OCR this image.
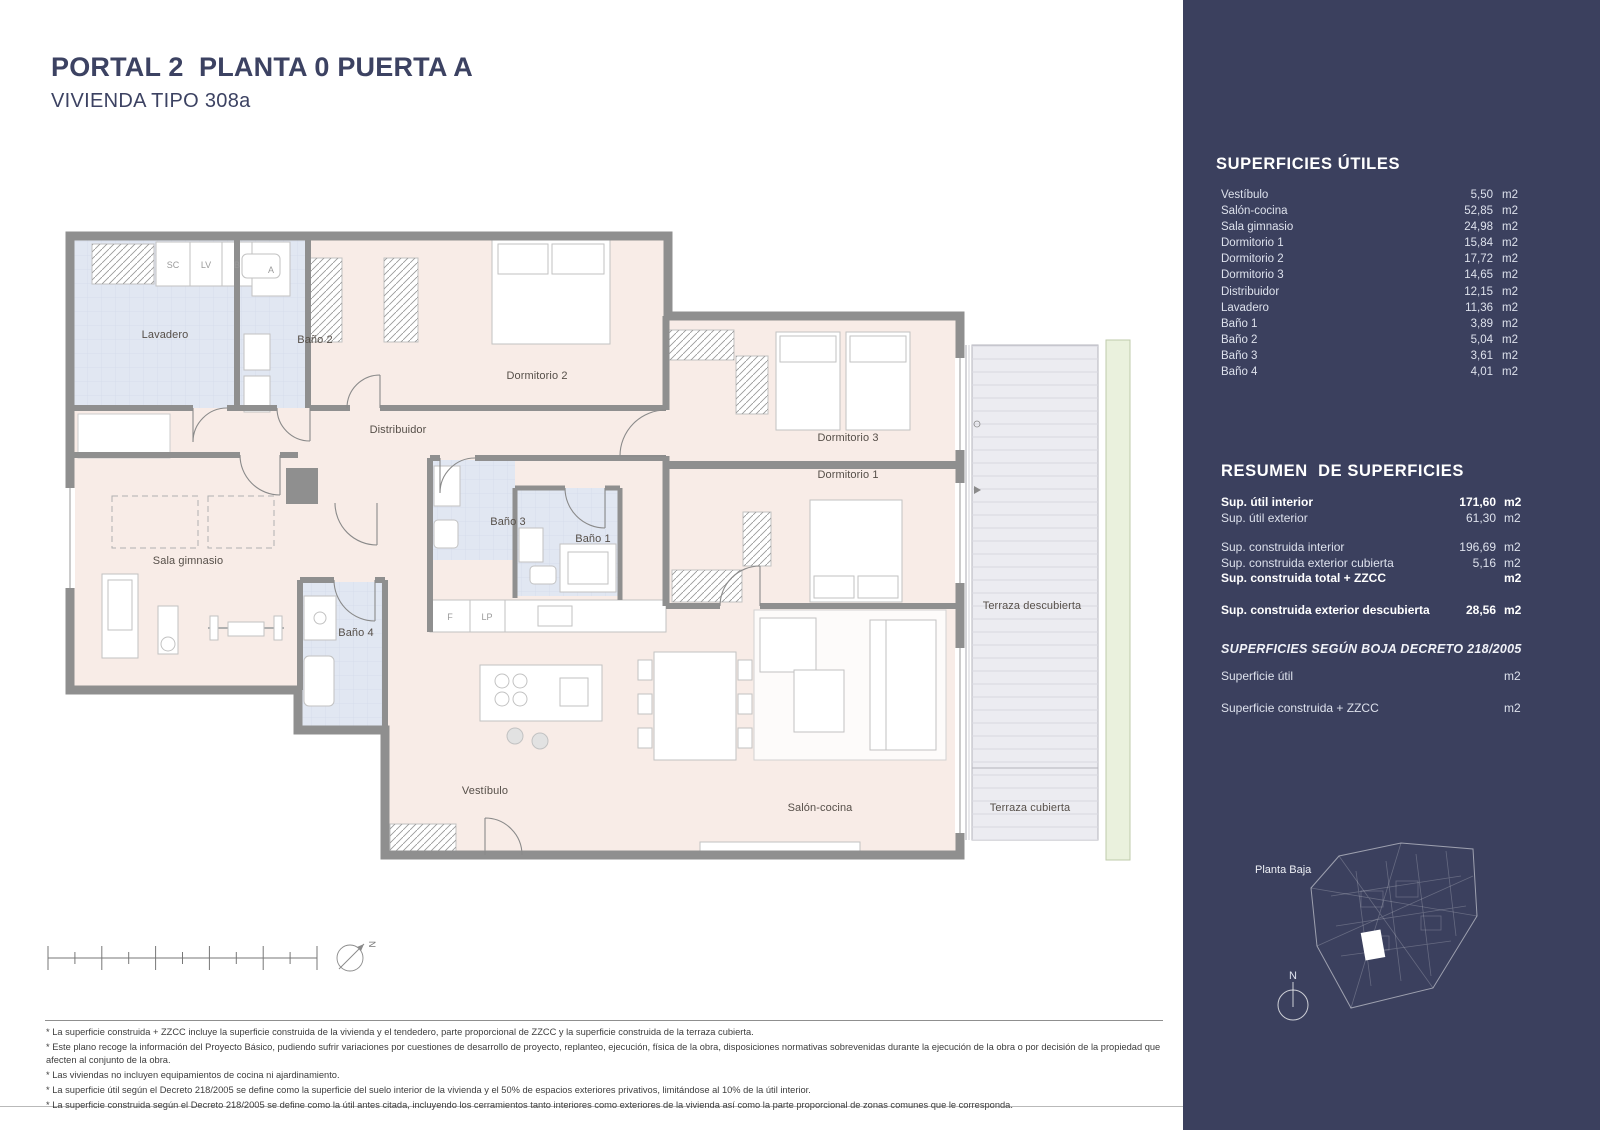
PORTAL 2  PLANTA 0 PUERTA A
VIVIENDA TIPO 308a
SC LV	B	A
F	LP
Lavadero	Baño 2
Dormitorio 2
Distribuidor
Dormitorio 3
Dormitorio 1
Baño 3
Baño 1
Sala gimnasio
Baño 4
Vestíbulo
Salón-cocina	Terraza cubierta
Terraza descubierta
N

* La superficie construida + ZZCC incluye la superficie construida de la vivienda y el tendedero, parte proporcional de ZZCC y la superficie construida de la terraza cubierta.

* Este plano recoge la información del Proyecto Básico, pudiendo sufrir variaciones por cuestiones de desarrollo de proyecto, replanteo, ejecución, física de la obra, disposiciones normativas sobrevenidas durante la ejecución de la obra o por decisión de la propiedad que afecten al conjunto de la obra.

* Las viviendas no incluyen equipamientos de cocina ni ajardinamiento.

* La superficie útil según el Decreto 218/2005 se define como la superficie del suelo interior de la vivienda y el 50% de espacios exteriores privativos, limitándose al 10% de la útil interior.

* La superficie construida según el Decreto 218/2005 se define como la útil antes citada, incluyendo los cerramientos tanto interiores como exteriores de la vivienda así como la parte proporcional de zonas comunes que le corresponda.

SUPERFICIES ÚTILES
Vestíbulo	5,50 m2
Salón-cocina	52,85 m2
Sala gimnasio	24,98 m2
Dormitorio 1	15,84 m2
Dormitorio 2	17,72 m2
Dormitorio 3	14,65 m2
Distribuidor	12,15 m2
Lavadero	11,36 m2
Baño 1	3,89 m2
Baño 2	5,04 m2
Baño 3	3,61 m2
Baño 4	4,01 m2
RESUMEN  DE SUPERFICIES
Sup. útil interior	171,60 m2
Sup. útil exterior	61,30 m2
Sup. construida interior	196,69 m2
Sup. construida exterior cubierta	5,16 m2
Sup. construida total + ZZCC	m2
Sup. construida exterior descubierta	28,56 m2
SUPERFICIES SEGÚN BOJA DECRETO 218/2005
Superficie útil	m2
Superficie construida + ZZCC	m2
Planta Baja
N
